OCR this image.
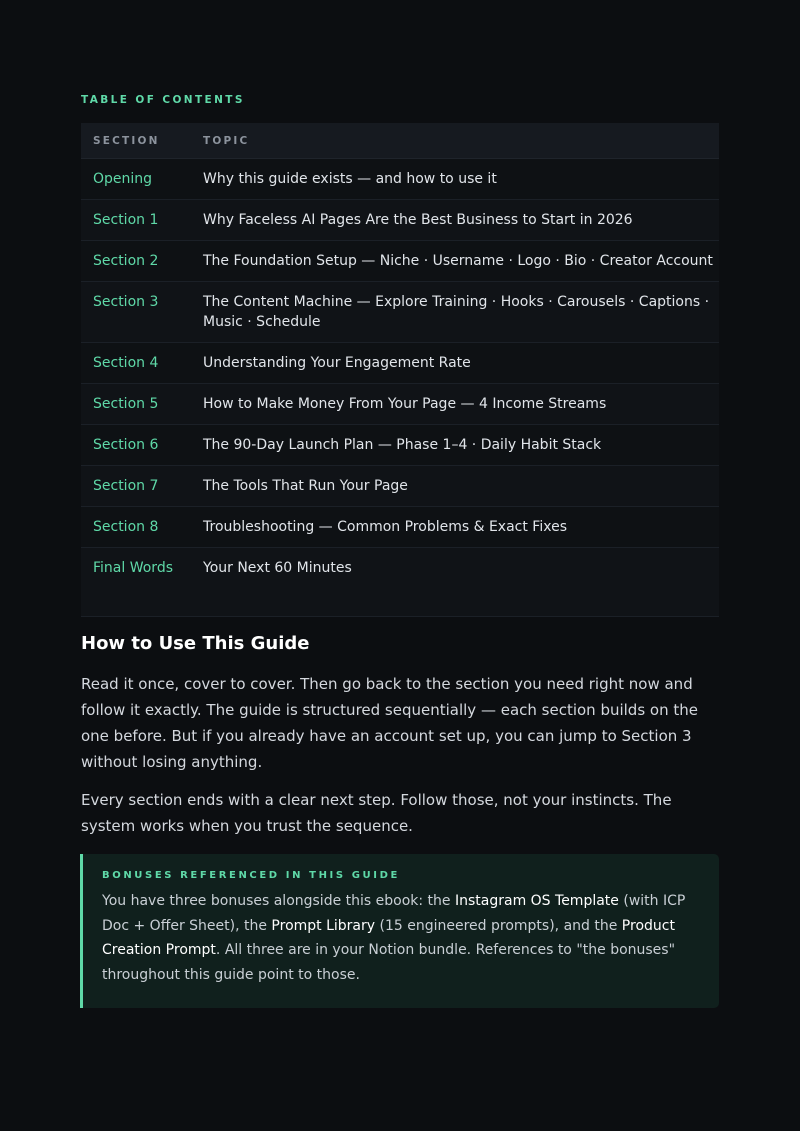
TABLE OF CONTENTS
SECTION	TOPIC
Opening	Why this guide exists — and how to use it
Section 1	Why Faceless AI Pages Are the Best Business to Start in 2026
Section 2	The Foundation Setup — Niche · Username · Logo · Bio · Creator Account
Section 3	The Content Machine — Explore Training · Hooks · Carousels · Captions · Music · Schedule
Section 4	Understanding Your Engagement Rate
Section 5	How to Make Money From Your Page — 4 Income Streams
Section 6	The 90-Day Launch Plan — Phase 1–4 · Daily Habit Stack
Section 7	The Tools That Run Your Page
Section 8	Troubleshooting — Common Problems & Exact Fixes
Final Words	Your Next 60 Minutes
How to Use This Guide
Read it once, cover to cover. Then go back to the section you need right now and follow it exactly. The guide is structured sequentially — each section builds on the one before. But if you already have an account set up, you can jump to Section 3 without losing anything.
Every section ends with a clear next step. Follow those, not your instincts. The system works when you trust the sequence.
BONUSES REFERENCED IN THIS GUIDE
You have three bonuses alongside this ebook: the Instagram OS Template (with ICP Doc + Offer Sheet), the Prompt Library (15 engineered prompts), and the Product Creation Prompt. All three are in your Notion bundle. References to "the bonuses" throughout this guide point to those.
